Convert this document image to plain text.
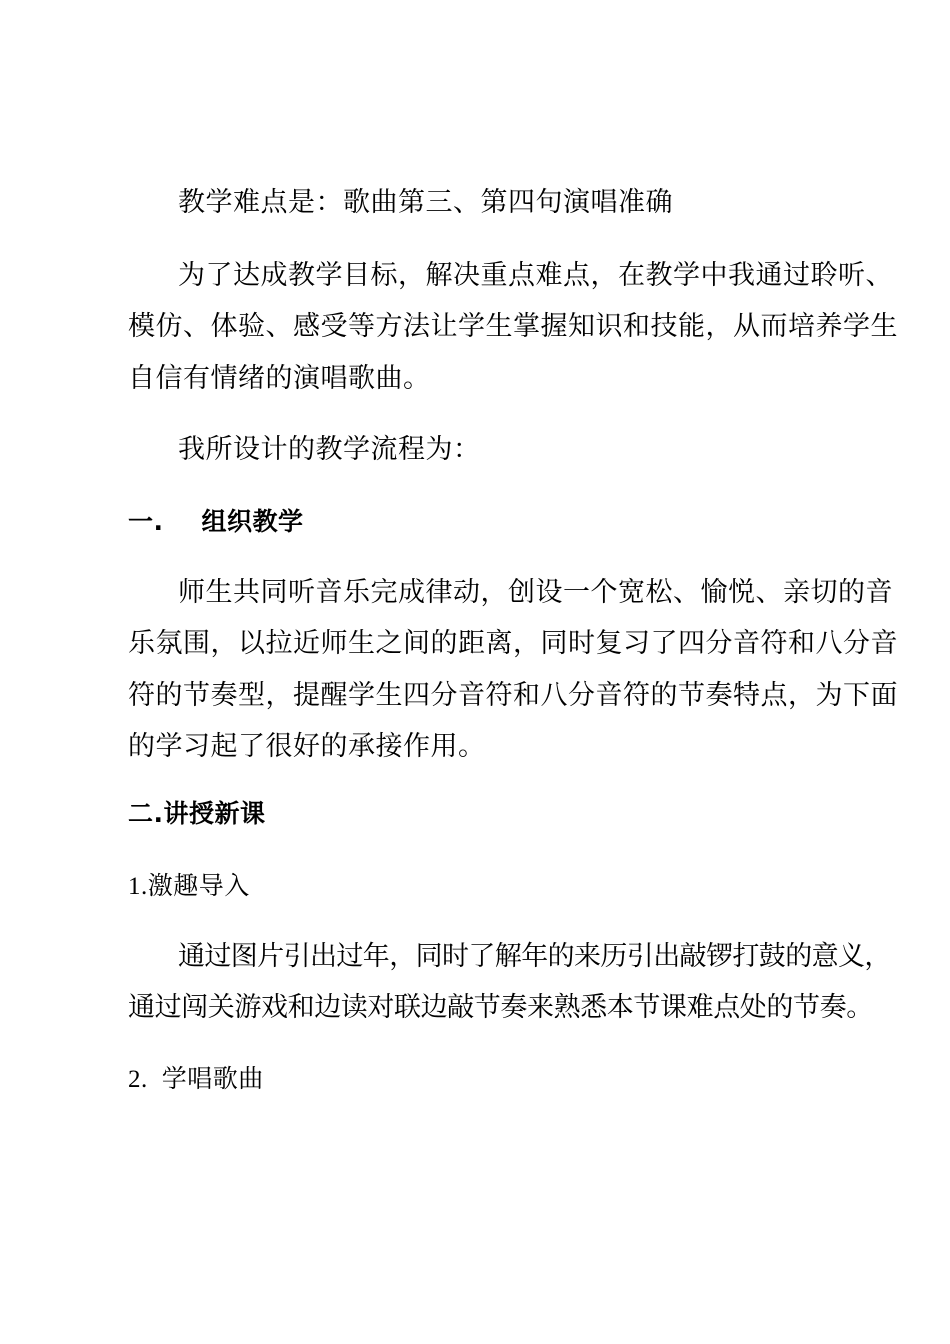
教学难点是：歌曲第三、第四句演唱准确
为了达成教学目标，解决重点难点，在教学中我通过聆听、
模仿、体验、感受等方法让学生掌握知识和技能，从而培养学生
自信有情绪的演唱歌曲。
我所设计的教学流程为：
一. 组织教学
师生共同听音乐完成律动，创设一个宽松、愉悦、亲切的音
乐氛围，以拉近师生之间的距离，同时复习了四分音符和八分音
符的节奏型，提醒学生四分音符和八分音符的节奏特点，为下面
的学习起了很好的承接作用。
二.讲授新课
1.激趣导入
通过图片引出过年，同时了解年的来历引出敲锣打鼓的意义，
通过闯关游戏和边读对联边敲节奏来熟悉本节课难点处的节奏。
2. 学唱歌曲
